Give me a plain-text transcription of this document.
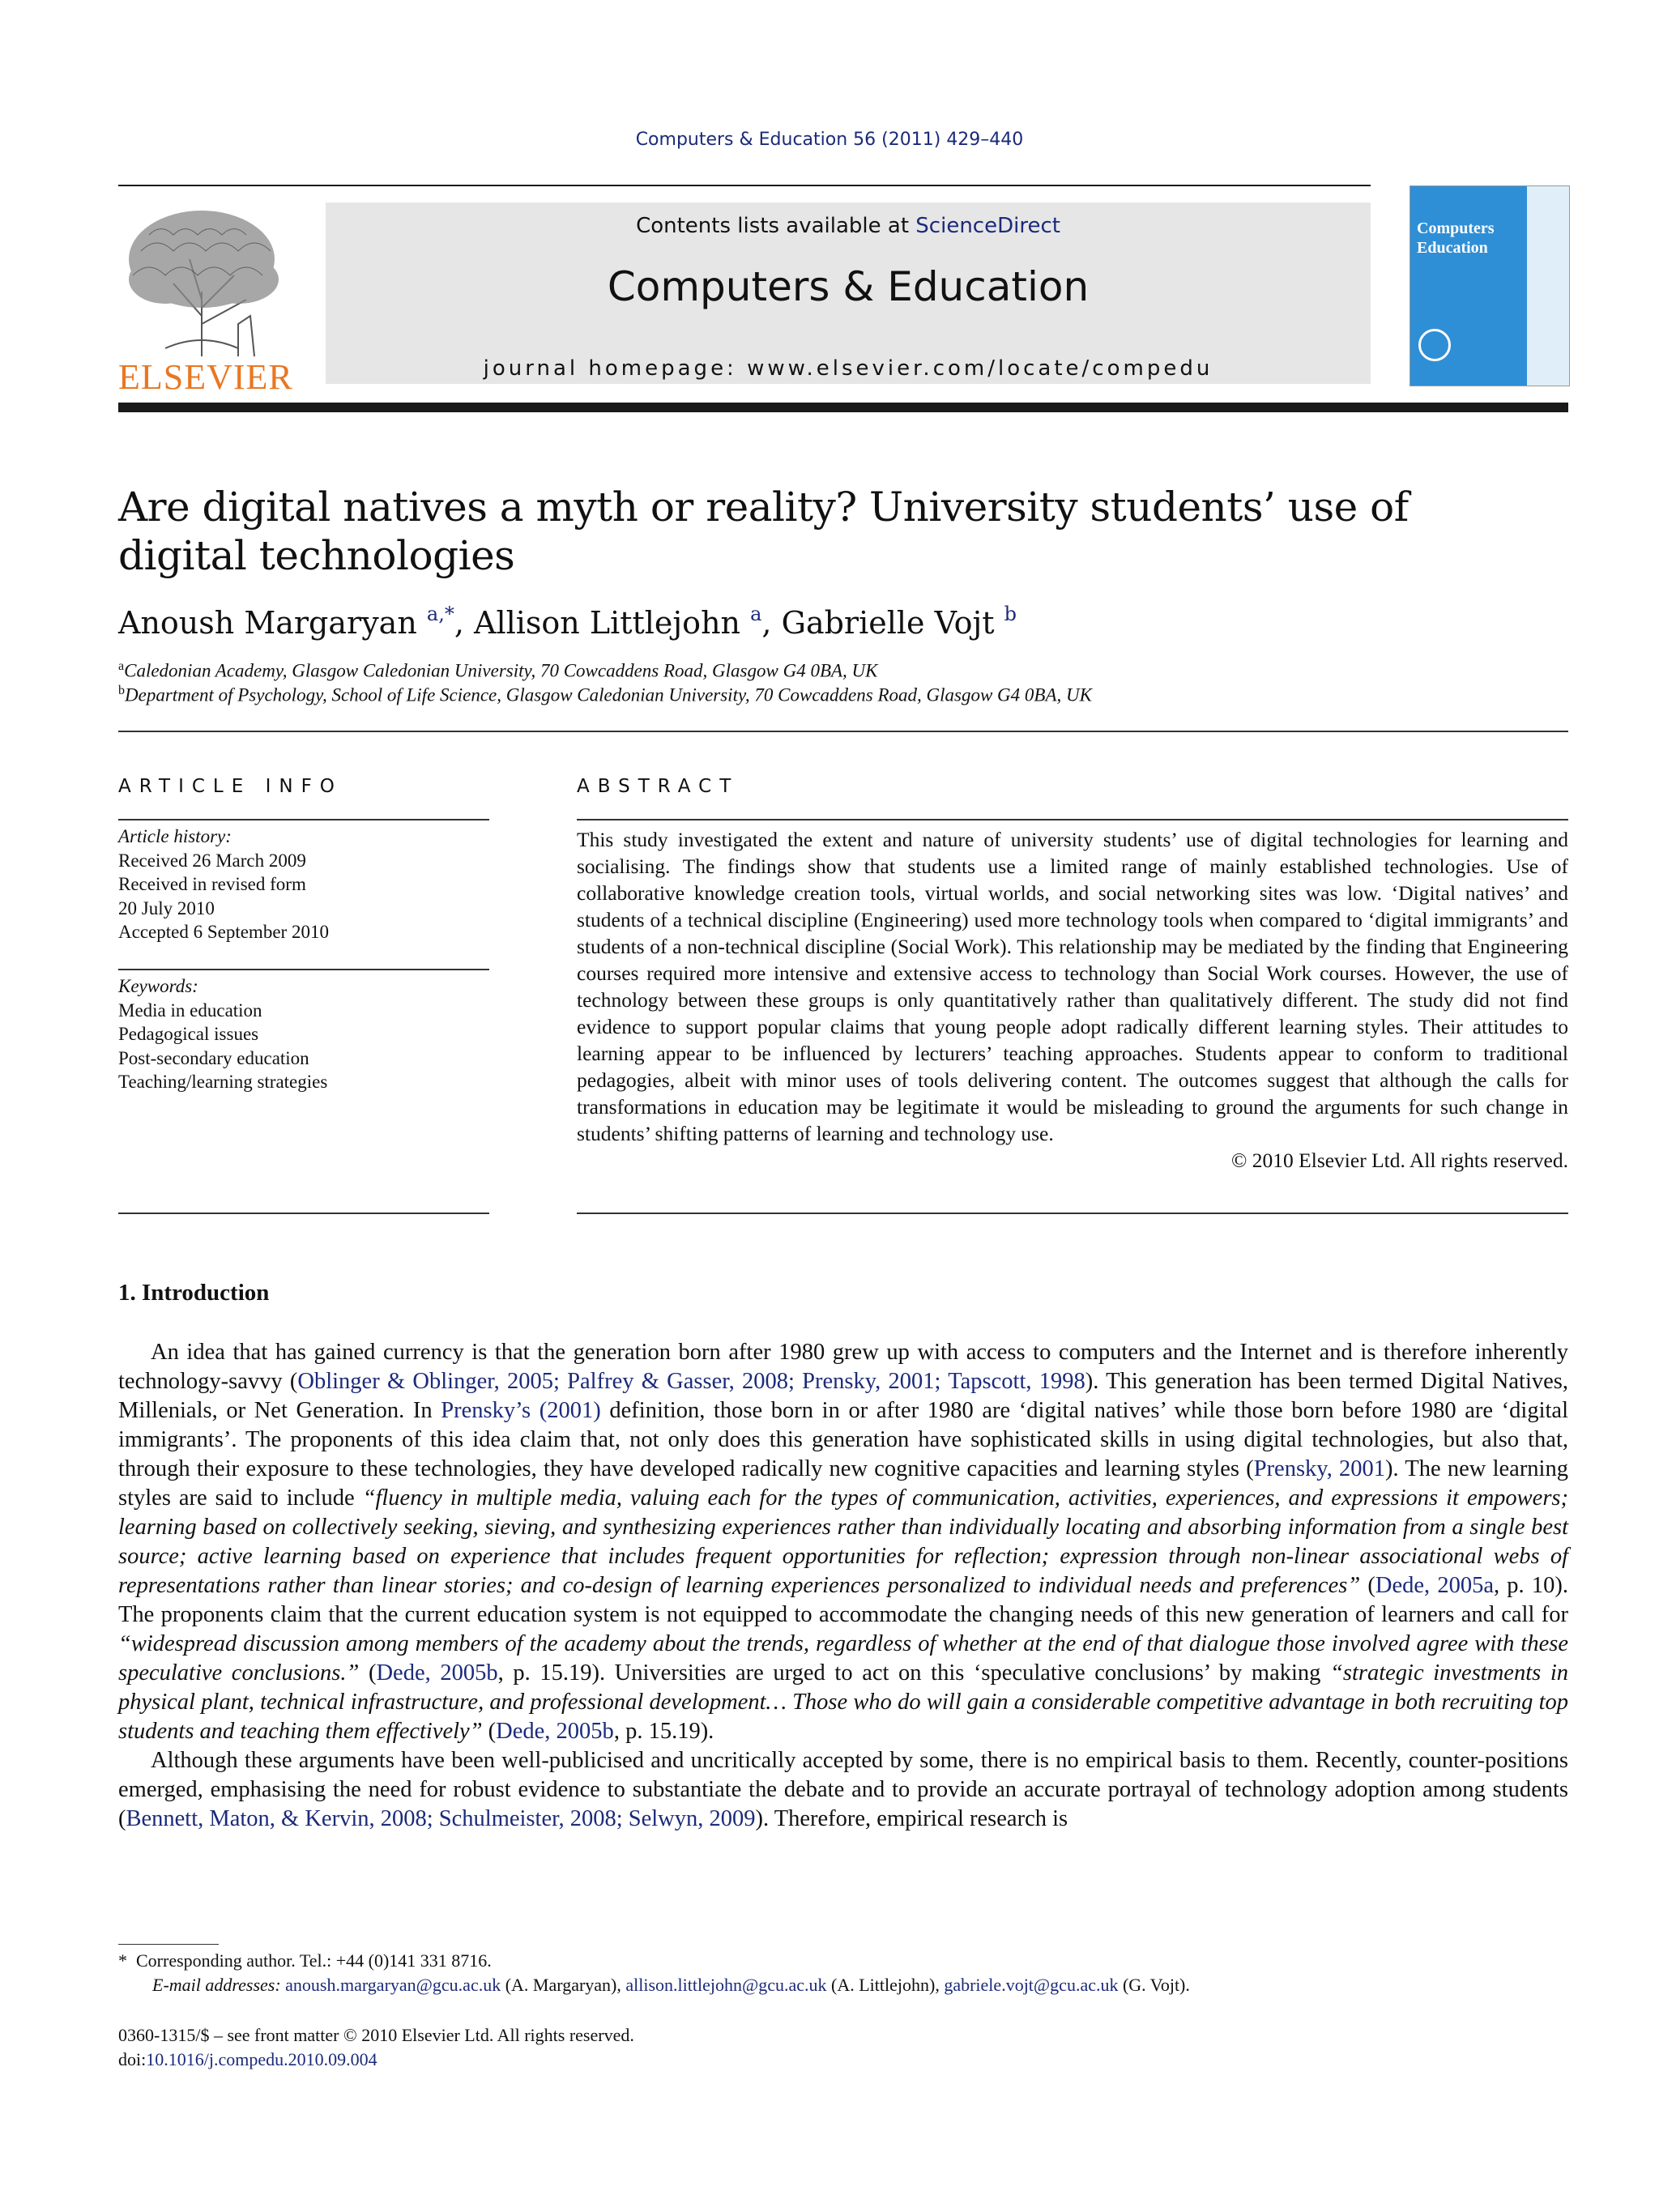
Computers & Education 56 (2011) 429–440
ELSEVIER
Contents lists available at ScienceDirect
Computers & Education
journal homepage: www.elsevier.com/locate/compedu
Computers
Education
Are digital natives a myth or reality? University students’ use of digital technologies
Anoush Margaryan $^{a,*}$, Allison Littlejohn $^a$, Gabrielle Vojt $^b$
$^a$Caledonian Academy, Glasgow Caledonian University, 70 Cowcaddens Road, Glasgow G4 0BA, UK
$^b$Department of Psychology, School of Life Science, Glasgow Caledonian University, 70 Cowcaddens Road, Glasgow G4 0BA, UK
ARTICLE INFO	ABSTRACT
Article history:
Received 26 March 2009
Received in revised form
20 July 2010
Accepted 6 September 2010
Keywords:
Media in education
Pedagogical issues
Post-secondary education
Teaching/learning strategies
This study investigated the extent and nature of university students’ use of digital technologies for learning and socialising. The findings show that students use a limited range of mainly established technologies. Use of collaborative knowledge creation tools, virtual worlds, and social networking sites was low. ‘Digital natives’ and students of a technical discipline (Engineering) used more technology tools when compared to ‘digital immigrants’ and students of a non-technical discipline (Social Work). This relationship may be mediated by the finding that Engineering courses required more intensive and extensive access to technology than Social Work courses. However, the use of technology between these groups is only quantitatively rather than qualitatively different. The study did not find evidence to support popular claims that young people adopt radically different learning styles. Their attitudes to learning appear to be influenced by lecturers’ teaching approaches. Students appear to conform to traditional pedagogies, albeit with minor uses of tools delivering content. The outcomes suggest that although the calls for transformations in education may be legitimate it would be misleading to ground the arguments for such change in students’ shifting patterns of learning and technology use.
© 2010 Elsevier Ltd. All rights reserved.
1. Introduction

An idea that has gained currency is that the generation born after 1980 grew up with access to computers and the Internet and is therefore inherently technology-savvy (Oblinger & Oblinger, 2005; Palfrey & Gasser, 2008; Prensky, 2001; Tapscott, 1998). This generation has been termed Digital Natives, Millenials, or Net Generation. In Prensky’s (2001) definition, those born in or after 1980 are ‘digital natives’ while those born before 1980 are ‘digital immigrants’. The proponents of this idea claim that, not only does this generation have sophisticated skills in using digital technologies, but also that, through their exposure to these technologies, they have developed radically new cognitive capacities and learning styles (Prensky, 2001). The new learning styles are said to include “fluency in multiple media, valuing each for the types of communication, activities, experiences, and expressions it empowers; learning based on collectively seeking, sieving, and synthesizing experiences rather than individually locating and absorbing information from a single best source; active learning based on experience that includes frequent opportunities for reflection; expression through non-linear associational webs of representations rather than linear stories; and co-design of learning experiences personalized to individual needs and preferences” (Dede, 2005a, p. 10). The proponents claim that the current education system is not equipped to accommodate the changing needs of this new generation of learners and call for “widespread discussion among members of the academy about the trends, regardless of whether at the end of that dialogue those involved agree with these speculative conclusions.” (Dede, 2005b, p. 15.19). Universities are urged to act on this ‘speculative conclusions’ by making “strategic investments in physical plant, technical infrastructure, and professional development… Those who do will gain a considerable competitive advantage in both recruiting top students and teaching them effectively” (Dede, 2005b, p. 15.19).

Although these arguments have been well-publicised and uncritically accepted by some, there is no empirical basis to them. Recently, counter-positions emerged, emphasising the need for robust evidence to substantiate the debate and to provide an accurate portrayal of technology adoption among students (Bennett, Maton, & Kervin, 2008; Schulmeister, 2008; Selwyn, 2009). Therefore, empirical research is

* Corresponding author. Tel.: +44 (0)141 331 8716.
E-mail addresses: anoush.margaryan@gcu.ac.uk (A. Margaryan), allison.littlejohn@gcu.ac.uk (A. Littlejohn), gabriele.vojt@gcu.ac.uk (G. Vojt).
0360-1315/$ – see front matter © 2010 Elsevier Ltd. All rights reserved.
doi:10.1016/j.compedu.2010.09.004
